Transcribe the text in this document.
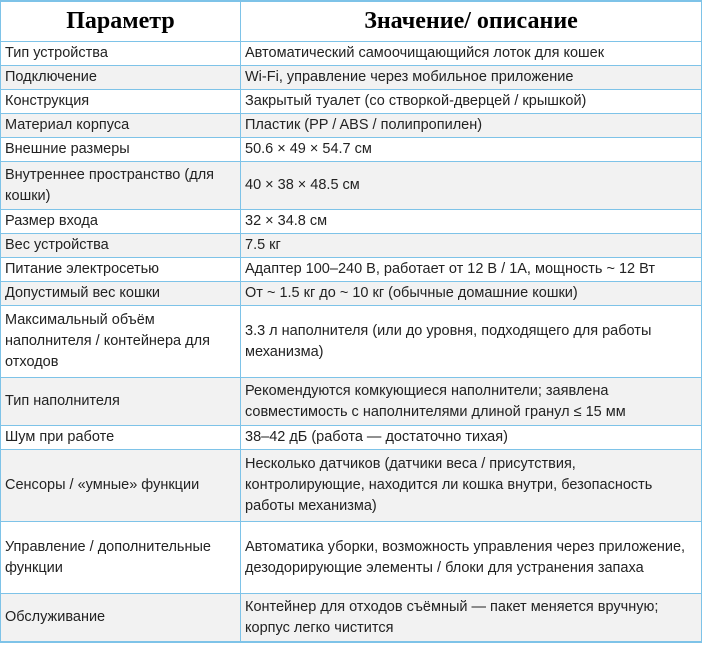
Параметр	Значение/ описание
Тип устройства	Автоматический самоочищающийся лоток для кошек
Подключение	Wi-Fi, управление через мобильное приложение
Конструкция	Закрытый туалет (со створкой-дверцей / крышкой)
Материал корпуса	Пластик (PP / ABS / полипропилен)
Внешние размеры	50.6 × 49 × 54.7 см
Внутреннее пространство (для кошки)	40 × 38 × 48.5 см
Размер входа	32 × 34.8 см
Вес устройства	7.5 кг
Питание электросетью	Адаптер 100–240 В, работает от 12 В / 1А, мощность ~ 12 Вт
Допустимый вес кошки	От ~ 1.5 кг до ~ 10 кг (обычные домашние кошки)
Максимальный объём наполнителя / контейнера для отходов	3.3 л наполнителя (или до уровня, подходящего для работы механизма)
Тип наполнителя	Рекомендуются комкующиеся наполнители; заявлена совместимость с наполнителями длиной гранул ≤ 15 мм
Шум при работе	38–42 дБ (работа — достаточно тихая)
Сенсоры / «умные» функции	Несколько датчиков (датчики веса / присутствия, контролирующие, находится ли кошка внутри, безопасность работы механизма)
Управление / дополнительные функции	Автоматика уборки, возможность управления через приложение, дезодорирующие элементы / блоки для устранения запаха
Обслуживание	Контейнер для отходов съёмный — пакет меняется вручную; корпус легко чистится
